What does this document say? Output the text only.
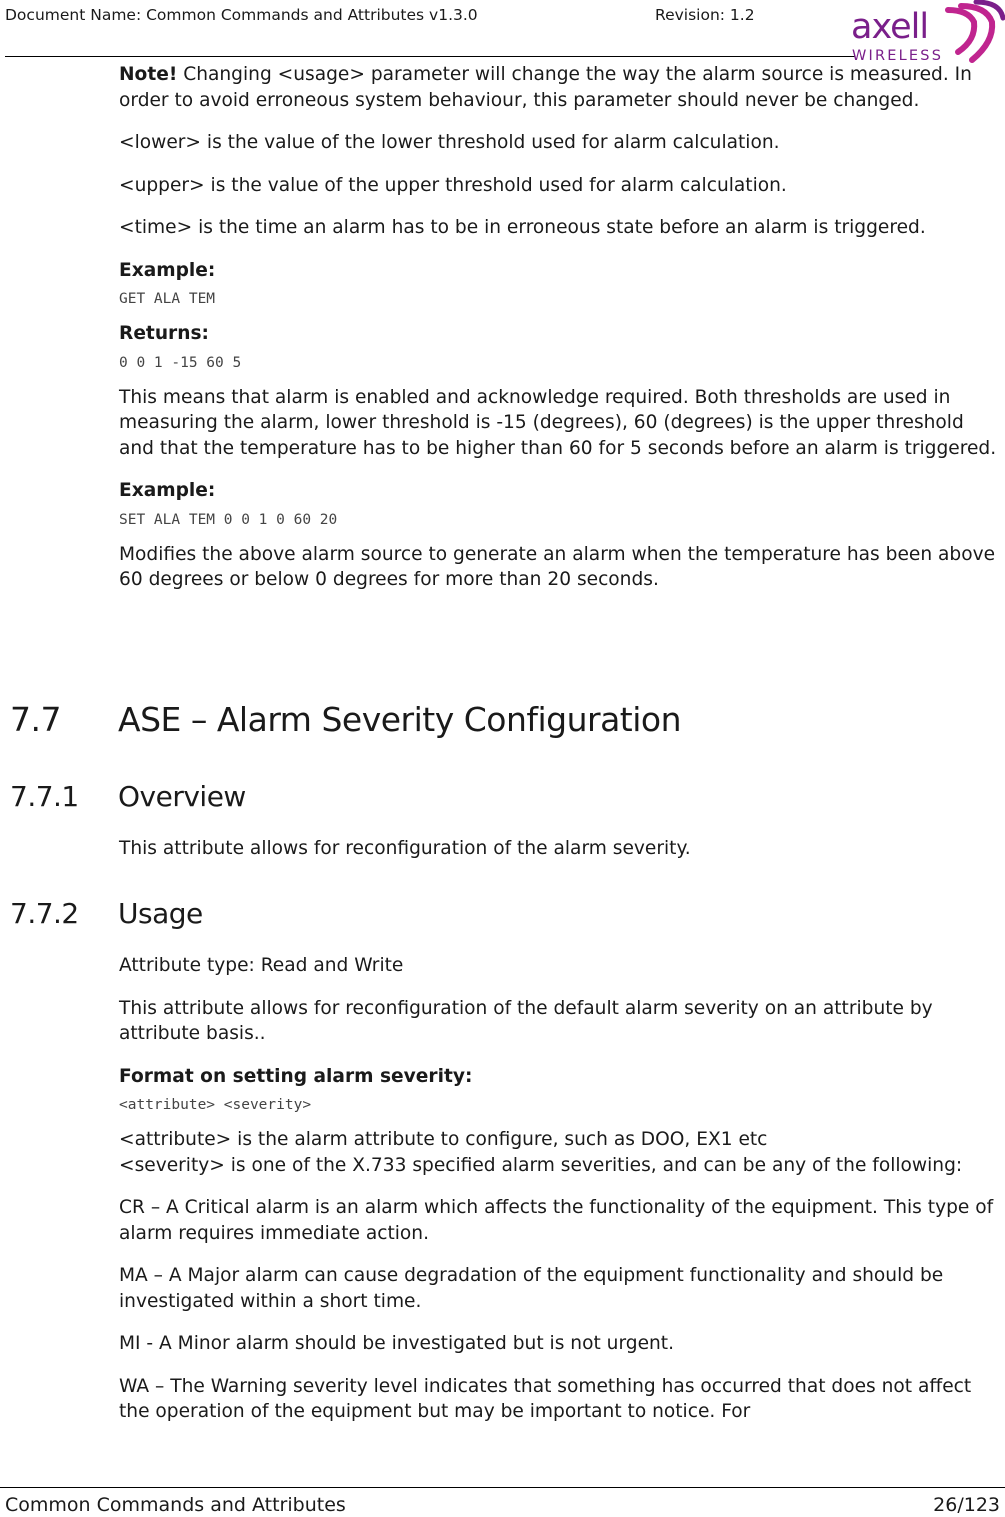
Document Name: Common Commands and Attributes v1.3.0	Revision: 1.2	axell
WIRELESS

Note! Changing <usage> parameter will change the way the alarm source is measured. In order to avoid erroneous system behaviour, this parameter should never be changed.

<lower> is the value of the lower threshold used for alarm calculation.

<upper> is the value of the upper threshold used for alarm calculation.

<time> is the time an alarm has to be in erroneous state before an alarm is triggered.

Example:
GET ALA TEM
Returns:
0 0 1 -15 60 5

This means that alarm is enabled and acknowledge required. Both thresholds are used in measuring the alarm, lower threshold is -15 (degrees), 60 (degrees) is the upper threshold and that the temperature has to be higher than 60 for 5 seconds before an alarm is triggered.

Example:
SET ALA TEM 0 0 1 0 60 20

Modifies the above alarm source to generate an alarm when the temperature has been above 60 degrees or below 0 degrees for more than 20 seconds.

7.7 ASE – Alarm Severity Configuration
7.7.1 Overview

This attribute allows for reconfiguration of the alarm severity.

7.7.2 Usage

Attribute type: Read and Write

This attribute allows for reconfiguration of the default alarm severity on an attribute by attribute basis..

Format on setting alarm severity:
<attribute> <severity>
<attribute> is the alarm attribute to configure, such as DOO, EX1 etc

<severity> is one of the X.733 specified alarm severities, and can be any of the following:

CR – A Critical alarm is an alarm which affects the functionality of the equipment. This type of alarm requires immediate action.

MA – A Major alarm can cause degradation of the equipment functionality and should be investigated within a short time.

MI - A Minor alarm should be investigated but is not urgent.

WA – The Warning severity level indicates that something has occurred that does not affect the operation of the equipment but may be important to notice. For

Common Commands and Attributes	26/123
